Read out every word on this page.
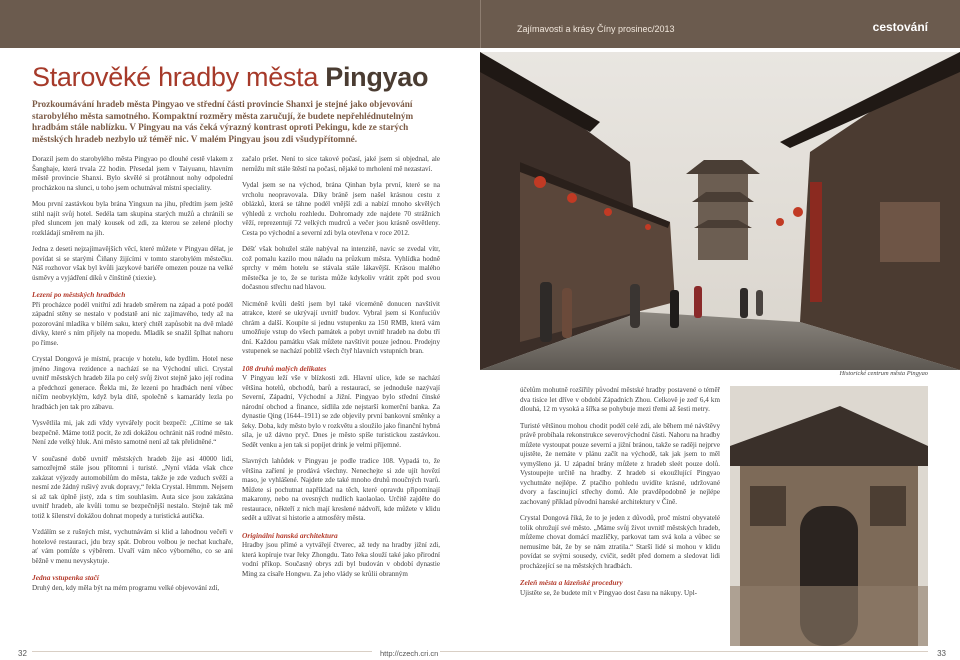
Zajímavosti a krásy Číny prosinec/2013	cestování
Starověké hradby města Pingyao
Prozkoumávání hradeb města Pingyao ve střední části provincie Shanxi je stejné jako objevování starobylého města samotného. Kompaktní rozměry města zaručují, že budete nepřehlédnutelným hradbám stále nablízku. V Pingyau na vás čeká výrazný kontrast oproti Pekingu, kde ze starých městských hradeb nezbylo už téměř nic. V malém Pingyau jsou zdi všudypřítomné.

Dorazil jsem do starobylého města Pingyao po dlouhé cestě vlakem z Šanghaje, která trvala 22 hodin. Přesedal jsem v Taiyuanu, hlavním městě provincie Shanxi. Bylo skvělé si protáhnout nohy odpolední procházkou na slunci, u toho jsem ochutnával místní speciality.

Mou první zastávkou byla brána Yingxun na jihu, předtím jsem ještě stihl najít svůj hotel. Sedéla tam skupina starých mužů a chránili se před sluncem jen malý kousek od zdi, za kterou se zelené plochy rozkládají směrem na jih.

Jedna z deseti nejzajímavějších věcí, které můžete v Pingyau dělat, je povídat si se starými Čiňany žijícími v tomto starobylém městečku. Náš rozhovor však byl kvůli jazykové bariéře omezen pouze na velké úsměvy a vyjádření díků v čínštině (xiexie).

Lezení po městských hradbách

Při procházce podél vnitřní zdi hradeb směrem na západ a poté podél západní stěny se nestalo v podstatě ani nic zajímavého, tedy až na pozorování mladíka v bílém saku, který chtěl zapůsobit na dvě mladé dívky, které s ním přijely na mopedu. Mladík se snažil šplhat nahoru po římse.

Crystal Dongová je místní, pracuje v hotelu, kde bydlím. Hotel nese jméno Jingova rezidence a nachází se na Východní ulici. Crystal uvnitř městských hradeb žila po celý svůj život stejně jako její rodina a předchozí generace. Řekla mi, že lezeni po hradbách není vůbec ničím neobvyklým, když byla dítě, společně s kamarády lezla po hradbách jen tak pro zábavu.

Vysvětlila mi, jak zdi vždy vytvářely pocit bezpečí: „Cítíme se tak bezpečně. Máme totiž pocit, že zdi dokážou ochránit náš rodné město. Není zde velký hluk. Ani město samotné není až tak přelidněné.“

V současné době uvnitř městských hradeb žije asi 40000 lidí, samozřejmě stále jsou přítomni i turisté. „Nyní vláda však chce zakázat výjezdy automobilům do města, takže je zde vzduch svěží a nesmí zde žádný rušivý zvuk dopravy,“ řekla Crystal. Hmmm. Nejsem si až tak úplně jistý, zda s tím souhlasím. Auta sice jsou zakázána uvnitř hradeb, ale kvůli tomu se bezpečnější nestalo. Stejně tak mě totiž k šílenství dokážou dohnat mopedy a turistická autíčka.

Vzdálím se z rušných míst, vychutnávám si klid a lahodnou večeři v hotelové restauraci, jdu brzy spát. Dobrou volbou je nechat kuchaře, ať vám pomůže s výběrem. Uvaří vám něco výborného, co se ani běžně v menu nevyskytuje.

Jedna vstupenka stačí

Druhý den, kdy měla být na mém programu velké objevování zdí,

začalo pršet. Není to sice takové počasí, jaké jsem si objednal, ale nemůžu mít stále štěstí na počasí, nějaké to mrholení mě nezastaví.

Vydal jsem se na východ, brána Qinhan byla první, které se na vrcholu neopravovala. Díky bráně jsem našel krásnou cestu z oblázků, která se táhne podél vnější zdi a nabízí mnoho skvělých výhledů z vrcholu rozhledu. Dohromady zde najdete 70 strážních věží, reprezentují 72 velkých mudrců a večer jsou krásně osvětleny. Cesta po východní a severní zdi byla otevřena v roce 2012.

Déšť však bohužel stále nabýval na intenzitě, navíc se zvedal vítr, což pomalu kazilo mou náladu na průzkum města. Vyhlídka hodně sprchy v mém hotelu se stávala stále lákavější. Krásou malého městečka je to, že se turista může kdykoliv vrátit zpět pod svou dočasnou střechu nad hlavou.

Nicméně kvůli deští jsem byl také víceméně donucen navštívit atrakce, které se ukrývají uvnitř budov. Vybral jsem si Konfuciův chrám a další. Koupíte si jednu vstupenku za 150 RMB, která vám umožňuje vstup do všech památek a pobyt uvnitř hradeb na dobu tří dní. Každou památku však můžete navštívit pouze jednou. Prodejny vstupenek se nachází poblíž všech čtyř hlavních vstupních bran.

108 druhů malých delikates

V Pingyau leží vše v blízkosti zdi. Hlavní ulice, kde se nachází většina hotelů, obchodů, barů a restaurací, se jednoduše nazývají Severní, Západní, Východní a Jižní. Pingyao bylo střední čínské národní obchod a finance, sídlila zde nejstarší komerční banka. Za dynastie Qing (1644–1911) se zde objevily první bankovní směnky a šeky. Doba, kdy město bylo v rozkvětu a sloužilo jako finanční hybná síla, je už dávno pryč. Dnes je město spíše turistickou zastávkou. Sedět venku a jen tak si popíjet drink je velmi příjemné.

Slavných lahůdek v Pingyau je podle tradice 108. Vypadá to, že většina zaříení je prodává všechny. Nenechejte si zde ujít hovězí maso, je vyhlášené. Najdete zde také mnoho druhů moučných tvarů. Můžete si pochutnat například na těch, které opravdu připomínají makarony, nebo na ovesných nudlích kaolaolao. Určitě zajděte do restaurace, někteří z nich mají kreslené nádvoří, kde můžete v klidu sedět a užívat si historie a atmosféry města.

Originální hanská architektura

Hradby jsou přímé a vytvářejí čtverec, až tedy na hradby jižní zdi, která kopíruje tvar řeky Zhongdu. Tato řeka slouží také jako přirodní vodní příkop. Současný obrys zdi byl budován v období dynastie Ming za císaře Hongwu. Za jeho vlády se krůlii obranným

Historické centrum města Pingyao

účelům mohutně rozšířily původní městské hradby postavené o téměř dva tisíce let dříve v období Západních Zhou. Celkově je zeď 6,4 km dlouhá, 12 m vysoká a šířka se pohybuje mezi třemi až šesti metry.

Turisté většinou mohou chodit podél celé zdi, ale během mé návštěvy právě probíhala rekonstrukce severovýchodní části. Nahoru na hradby můžete vystoupat pouze severní a jižní bránou, takže se raději nejprve ujistěte, že nemáte v plánu začít na východě, tak jak jsem to měl vymyšleno já. U západní brány můžete z hradeb sleét pouze dolů. Vystoupejte určitě na hradby. Z hradeb si ekoužlující Pingyao vychutnáte nejlépe. Z ptačího pohledu uvidíte krásné, udržované dvory a fascinující střechy domů. Ale pravděpodobně je nejlépe zachovaný příklad původní hanské architektury v Číně.

Crystal Dongová říká, že to je jeden z důvodů, proč místní obyvatelé tolik ohrožují své město. „Máme svůj život uvnitř městských hradeb, můžeme chovat domácí mazlíčky, parkovat tam svá kola a vůbec se nemusíme bát, že by se nám ztratila.“ Starší lidé si mohou v klidu povídat se svými sousedy, cvičit, sedět před domem a sledovat lidi procházející se na městských hradbách.

Zeleň města a lázeňské procedury

Ujistěte se, že budete mít v Pingyao dost času na nákupy. Upl-

32	http://czech.cri.cn	33
